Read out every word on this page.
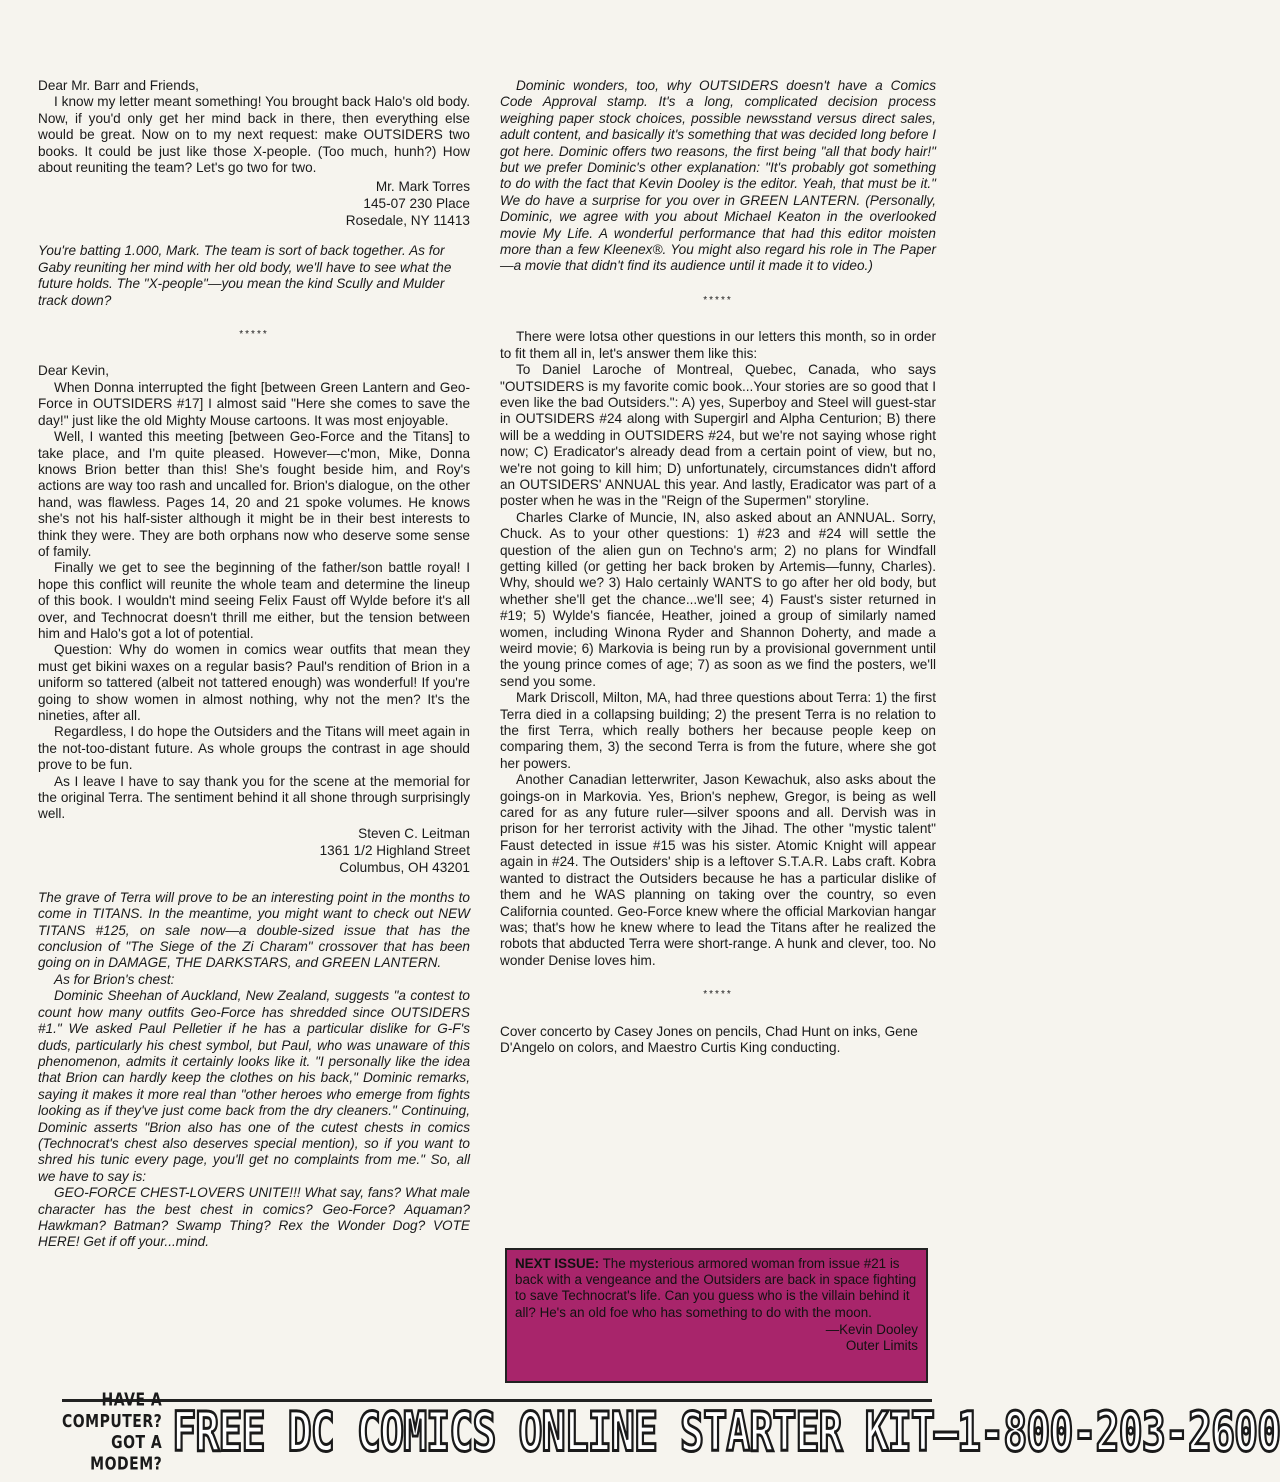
Dear Mr. Barr and Friends,

I know my letter meant something! You brought back Halo's old body. Now, if you'd only get her mind back in there, then everything else would be great. Now on to my next request: make OUTSIDERS two books. It could be just like those X-people. (Too much, hunh?) How about reuniting the team? Let's go two for two.

Mr. Mark Torres
145-07 230 Place
Rosedale, NY 11413

You're batting 1.000, Mark. The team is sort of back together. As for Gaby reuniting her mind with her old body, we'll have to see what the future holds. The "X-people"—you mean the kind Scully and Mulder track down?

*****

Dear Kevin,

When Donna interrupted the fight [between Green Lantern and Geo-Force in OUTSIDERS #17] I almost said "Here she comes to save the day!" just like the old Mighty Mouse cartoons. It was most enjoyable.

Well, I wanted this meeting [between Geo-Force and the Titans] to take place, and I'm quite pleased. However—c'mon, Mike, Donna knows Brion better than this! She's fought beside him, and Roy's actions are way too rash and uncalled for. Brion's dialogue, on the other hand, was flawless. Pages 14, 20 and 21 spoke volumes. He knows she's not his half-sister although it might be in their best interests to think they were. They are both orphans now who deserve some sense of family.

Finally we get to see the beginning of the father/son battle royal! I hope this conflict will reunite the whole team and determine the lineup of this book. I wouldn't mind seeing Felix Faust off Wylde before it's all over, and Technocrat doesn't thrill me either, but the tension between him and Halo's got a lot of potential.

Question: Why do women in comics wear outfits that mean they must get bikini waxes on a regular basis? Paul's rendition of Brion in a uniform so tattered (albeit not tattered enough) was wonderful! If you're going to show women in almost nothing, why not the men? It's the nineties, after all.

Regardless, I do hope the Outsiders and the Titans will meet again in the not-too-distant future. As whole groups the contrast in age should prove to be fun.

As I leave I have to say thank you for the scene at the memorial for the original Terra. The sentiment behind it all shone through surprisingly well.

Steven C. Leitman
1361 1/2 Highland Street
Columbus, OH 43201

The grave of Terra will prove to be an interesting point in the months to come in TITANS. In the meantime, you might want to check out NEW TITANS #125, on sale now—a double-sized issue that has the conclusion of "The Siege of the Zi Charam" crossover that has been going on in DAMAGE, THE DARKSTARS, and GREEN LANTERN.

As for Brion's chest:

Dominic Sheehan of Auckland, New Zealand, suggests "a contest to count how many outfits Geo-Force has shredded since OUTSIDERS #1." We asked Paul Pelletier if he has a particular dislike for G-F's duds, particularly his chest symbol, but Paul, who was unaware of this phenomenon, admits it certainly looks like it. "I personally like the idea that Brion can hardly keep the clothes on his back," Dominic remarks, saying it makes it more real than "other heroes who emerge from fights looking as if they've just come back from the dry cleaners." Continuing, Dominic asserts "Brion also has one of the cutest chests in comics (Technocrat's chest also deserves special mention), so if you want to shred his tunic every page, you'll get no complaints from me." So, all we have to say is:

GEO-FORCE CHEST-LOVERS UNITE!!! What say, fans? What male character has the best chest in comics? Geo-Force? Aquaman? Hawkman? Batman? Swamp Thing? Rex the Wonder Dog? VOTE HERE! Get if off your...mind.

Dominic wonders, too, why OUTSIDERS doesn't have a Comics Code Approval stamp. It's a long, complicated decision process weighing paper stock choices, possible newsstand versus direct sales, adult content, and basically it's something that was decided long before I got here. Dominic offers two reasons, the first being "all that body hair!" but we prefer Dominic's other explanation: "It's probably got something to do with the fact that Kevin Dooley is the editor. Yeah, that must be it." We do have a surprise for you over in GREEN LANTERN. (Personally, Dominic, we agree with you about Michael Keaton in the overlooked movie My Life. A wonderful performance that had this editor moisten more than a few Kleenex®. You might also regard his role in The Paper—a movie that didn't find its audience until it made it to video.)

*****

There were lotsa other questions in our letters this month, so in order to fit them all in, let's answer them like this:

To Daniel Laroche of Montreal, Quebec, Canada, who says "OUTSIDERS is my favorite comic book...Your stories are so good that I even like the bad Outsiders.": A) yes, Superboy and Steel will guest-star in OUTSIDERS #24 along with Supergirl and Alpha Centurion; B) there will be a wedding in OUTSIDERS #24, but we're not saying whose right now; C) Eradicator's already dead from a certain point of view, but no, we're not going to kill him; D) unfortunately, circumstances didn't afford an OUTSIDERS' ANNUAL this year. And lastly, Eradicator was part of a poster when he was in the "Reign of the Supermen" storyline.

Charles Clarke of Muncie, IN, also asked about an ANNUAL. Sorry, Chuck. As to your other questions: 1) #23 and #24 will settle the question of the alien gun on Techno's arm; 2) no plans for Windfall getting killed (or getting her back broken by Artemis—funny, Charles). Why, should we? 3) Halo certainly WANTS to go after her old body, but whether she'll get the chance...we'll see; 4) Faust's sister returned in #19; 5) Wylde's fiancée, Heather, joined a group of similarly named women, including Winona Ryder and Shannon Doherty, and made a weird movie; 6) Markovia is being run by a provisional government until the young prince comes of age; 7) as soon as we find the posters, we'll send you some.

Mark Driscoll, Milton, MA, had three questions about Terra: 1) the first Terra died in a collapsing building; 2) the present Terra is no relation to the first Terra, which really bothers her because people keep on comparing them, 3) the second Terra is from the future, where she got her powers.

Another Canadian letterwriter, Jason Kewachuk, also asks about the goings-on in Markovia. Yes, Brion's nephew, Gregor, is being as well cared for as any future ruler—silver spoons and all. Dervish was in prison for her terrorist activity with the Jihad. The other "mystic talent" Faust detected in issue #15 was his sister. Atomic Knight will appear again in #24. The Outsiders' ship is a leftover S.T.A.R. Labs craft. Kobra wanted to distract the Outsiders because he has a particular dislike of them and he WAS planning on taking over the country, so even California counted. Geo-Force knew where the official Markovian hangar was; that's how he knew where to lead the Titans after he realized the robots that abducted Terra were short-range. A hunk and clever, too. No wonder Denise loves him.

*****

Cover concerto by Casey Jones on pencils, Chad Hunt on inks, Gene D'Angelo on colors, and Maestro Curtis King conducting.

NEXT ISSUE: The mysterious armored woman from issue #21 is back with a vengeance and the Outsiders are back in space fighting to save Technocrat's life. Can you guess who is the villain behind it all? He's an old foe who has something to do with the moon.
—Kevin Dooley
Outer Limits
HAVE A COMPUTER?
GOT A MODEM?
FREE DC COMICS ONLINE STARTER KIT—1-800-203-2600
